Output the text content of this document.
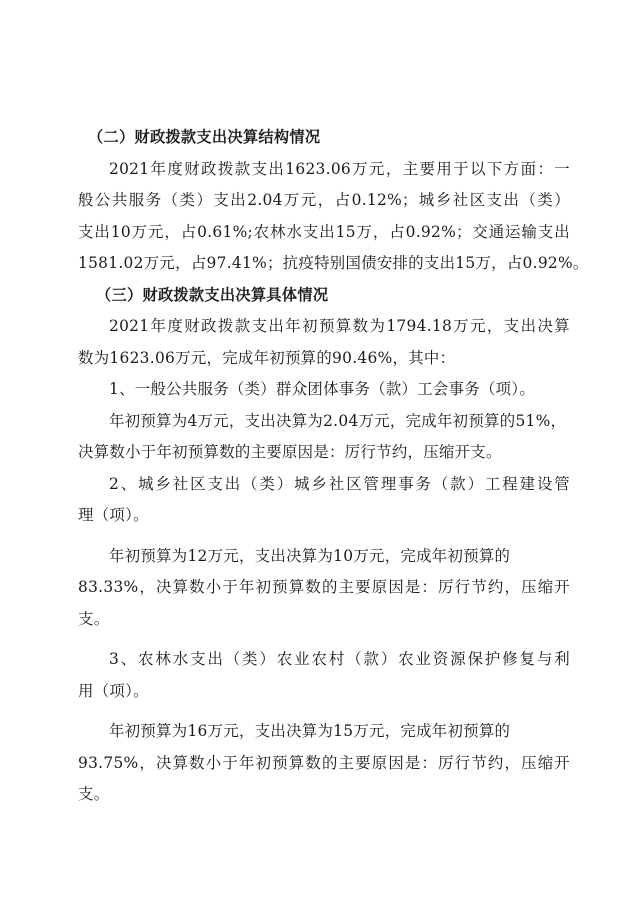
（二）财政拨款支出决算结构情况
2021年度财政拨款支出1623.06万元，主要用于以下方面：一
般公共服务（类）支出2.04万元，占0.12%；城乡社区支出（类）
支出10万元，占0.61%;农林水支出15万，占0.92%；交通运输支出
1581.02万元，占97.41%；抗疫特别国债安排的支出15万，占0.92%。
（三）财政拨款支出决算具体情况
2021年度财政拨款支出年初预算数为1794.18万元，支出决算
数为1623.06万元，完成年初预算的90.46%，其中：
1、一般公共服务（类）群众团体事务（款）工会事务（项）。
年初预算为4万元，支出决算为2.04万元，完成年初预算的51%，
决算数小于年初预算数的主要原因是：厉行节约，压缩开支。
2、城乡社区支出（类）城乡社区管理事务（款）工程建设管
理（项）。
年初预算为12万元，支出决算为10万元，完成年初预算的
83.33%，决算数小于年初预算数的主要原因是：厉行节约，压缩开
支。
3、农林水支出（类）农业农村（款）农业资源保护修复与利
用（项）。
年初预算为16万元，支出决算为15万元，完成年初预算的
93.75%，决算数小于年初预算数的主要原因是：厉行节约，压缩开
支。
